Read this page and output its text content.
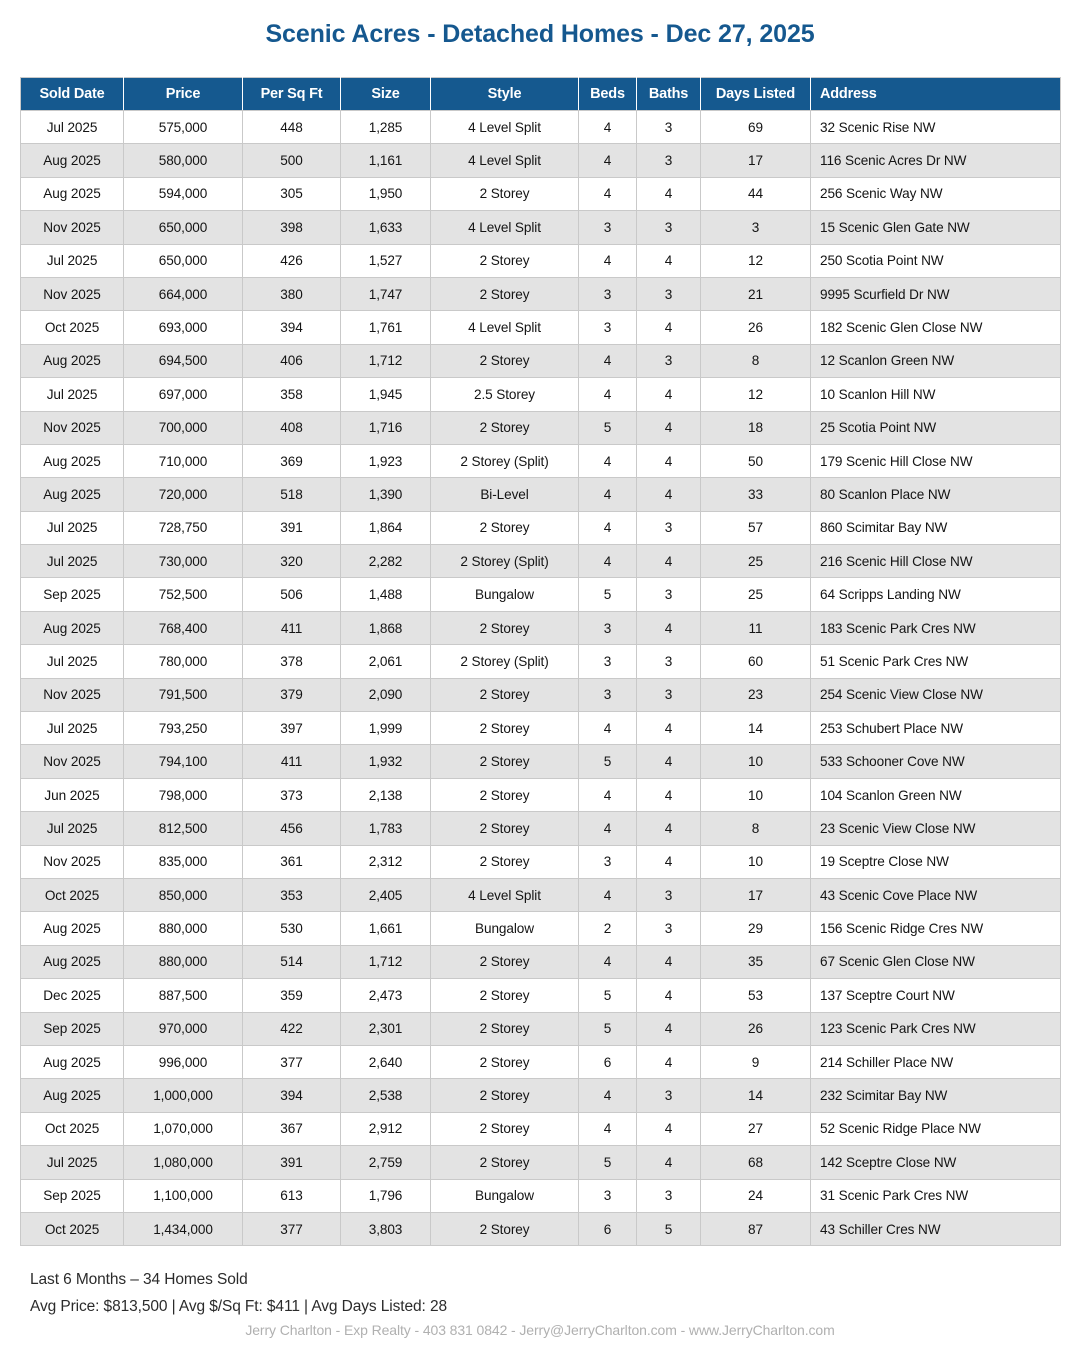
Scenic Acres - Detached Homes - Dec 27, 2025
Sold Date	Price	Per Sq Ft	Size	Style	Beds	Baths	Days Listed	Address
Jul 2025	575,000	448	1,285	4 Level Split	4	3	69	32 Scenic Rise NW
Aug 2025	580,000	500	1,161	4 Level Split	4	3	17	116 Scenic Acres Dr NW
Aug 2025	594,000	305	1,950	2 Storey	4	4	44	256 Scenic Way NW
Nov 2025	650,000	398	1,633	4 Level Split	3	3	3	15 Scenic Glen Gate NW
Jul 2025	650,000	426	1,527	2 Storey	4	4	12	250 Scotia Point NW
Nov 2025	664,000	380	1,747	2 Storey	3	3	21	9995 Scurfield Dr NW
Oct 2025	693,000	394	1,761	4 Level Split	3	4	26	182 Scenic Glen Close NW
Aug 2025	694,500	406	1,712	2 Storey	4	3	8	12 Scanlon Green NW
Jul 2025	697,000	358	1,945	2.5 Storey	4	4	12	10 Scanlon Hill NW
Nov 2025	700,000	408	1,716	2 Storey	5	4	18	25 Scotia Point NW
Aug 2025	710,000	369	1,923	2 Storey (Split)	4	4	50	179 Scenic Hill Close NW
Aug 2025	720,000	518	1,390	Bi-Level	4	4	33	80 Scanlon Place NW
Jul 2025	728,750	391	1,864	2 Storey	4	3	57	860 Scimitar Bay NW
Jul 2025	730,000	320	2,282	2 Storey (Split)	4	4	25	216 Scenic Hill Close NW
Sep 2025	752,500	506	1,488	Bungalow	5	3	25	64 Scripps Landing NW
Aug 2025	768,400	411	1,868	2 Storey	3	4	11	183 Scenic Park Cres NW
Jul 2025	780,000	378	2,061	2 Storey (Split)	3	3	60	51 Scenic Park Cres NW
Nov 2025	791,500	379	2,090	2 Storey	3	3	23	254 Scenic View Close NW
Jul 2025	793,250	397	1,999	2 Storey	4	4	14	253 Schubert Place NW
Nov 2025	794,100	411	1,932	2 Storey	5	4	10	533 Schooner Cove NW
Jun 2025	798,000	373	2,138	2 Storey	4	4	10	104 Scanlon Green NW
Jul 2025	812,500	456	1,783	2 Storey	4	4	8	23 Scenic View Close NW
Nov 2025	835,000	361	2,312	2 Storey	3	4	10	19 Sceptre Close NW
Oct 2025	850,000	353	2,405	4 Level Split	4	3	17	43 Scenic Cove Place NW
Aug 2025	880,000	530	1,661	Bungalow	2	3	29	156 Scenic Ridge Cres NW
Aug 2025	880,000	514	1,712	2 Storey	4	4	35	67 Scenic Glen Close NW
Dec 2025	887,500	359	2,473	2 Storey	5	4	53	137 Sceptre Court NW
Sep 2025	970,000	422	2,301	2 Storey	5	4	26	123 Scenic Park Cres NW
Aug 2025	996,000	377	2,640	2 Storey	6	4	9	214 Schiller Place NW
Aug 2025	1,000,000	394	2,538	2 Storey	4	3	14	232 Scimitar Bay NW
Oct 2025	1,070,000	367	2,912	2 Storey	4	4	27	52 Scenic Ridge Place NW
Jul 2025	1,080,000	391	2,759	2 Storey	5	4	68	142 Sceptre Close NW
Sep 2025	1,100,000	613	1,796	Bungalow	3	3	24	31 Scenic Park Cres NW
Oct 2025	1,434,000	377	3,803	2 Storey	6	5	87	43 Schiller Cres NW
Last 6 Months – 34 Homes Sold
Avg Price: $813,500 | Avg $/Sq Ft: $411 | Avg Days Listed: 28
Jerry Charlton - Exp Realty - 403 831 0842 - Jerry@JerryCharlton.com - www.JerryCharlton.com
